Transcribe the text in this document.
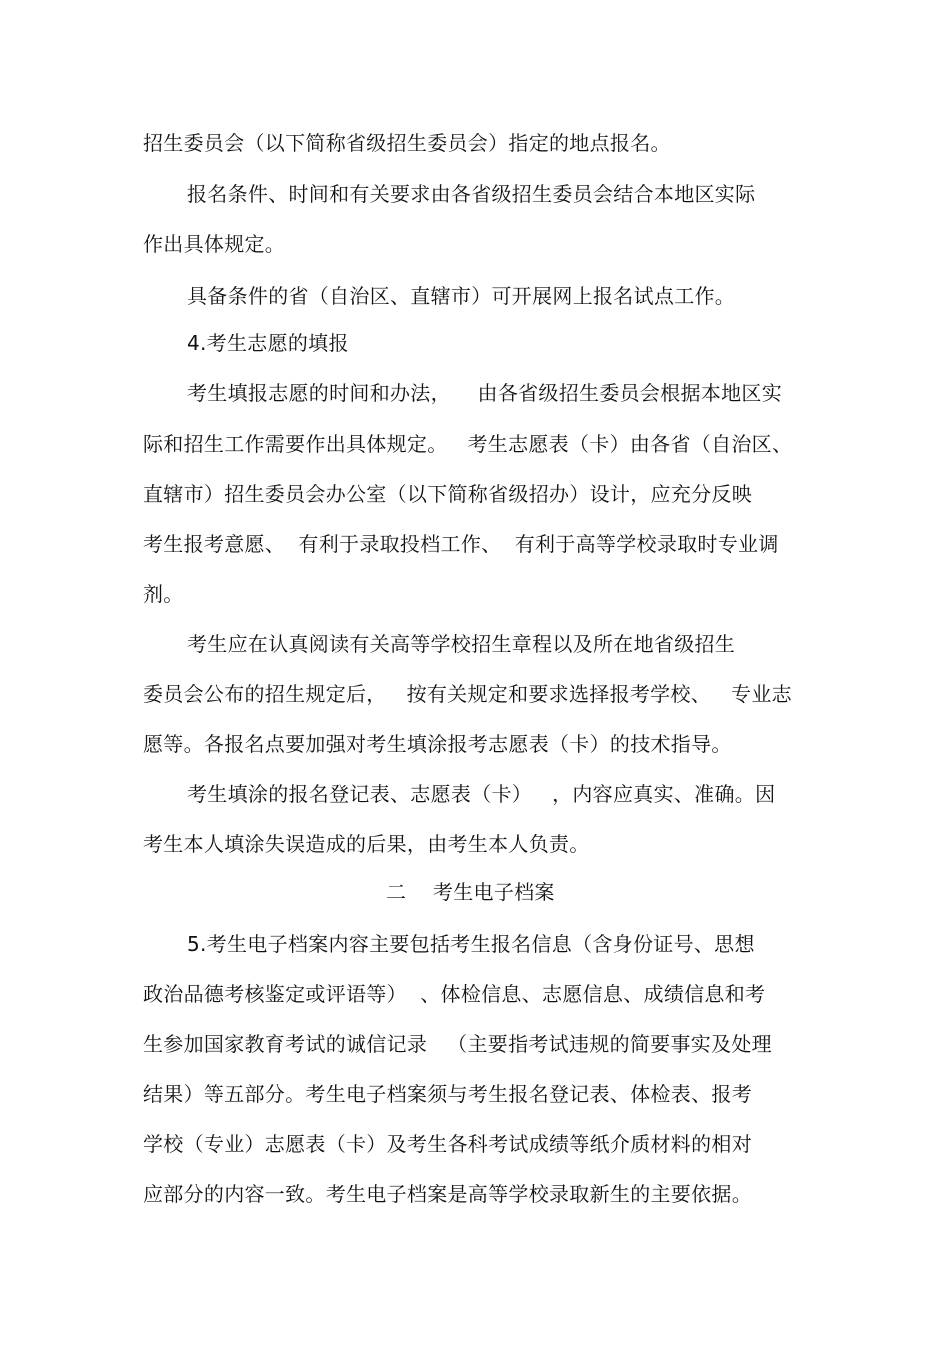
招生委员会（以下简称省级招生委员会）指定的地点报名。
报名条件、时间和有关要求由各省级招生委员会结合本地区实际
作出具体规定。
具备条件的省（自治区、直辖市）可开展网上报名试点工作。
4.考生志愿的填报
考生填报志愿的时间和办法，    由各省级招生委员会根据本地区实
际和招生工作需要作出具体规定。   考生志愿表（卡）由各省（自治区、
直辖市）招生委员会办公室（以下简称省级招办）设计，应充分反映
考生报考意愿、  有利于录取投档工作、  有利于高等学校录取时专业调
剂。
考生应在认真阅读有关高等学校招生章程以及所在地省级招生
委员会公布的招生规定后，   按有关规定和要求选择报考学校、   专业志
愿等。各报名点要加强对考生填涂报考志愿表（卡）的技术指导。
考生填涂的报名登记表、志愿表（卡）   ，内容应真实、准确。因
考生本人填涂失误造成的后果，由考生本人负责。
二    考生电子档案
5.考生电子档案内容主要包括考生报名信息（含身份证号、思想
政治品德考核鉴定或评语等）  、体检信息、志愿信息、成绩信息和考
生参加国家教育考试的诚信记录   （主要指考试违规的简要事实及处理
结果）等五部分。考生电子档案须与考生报名登记表、体检表、报考
学校（专业）志愿表（卡）及考生各科考试成绩等纸介质材料的相对
应部分的内容一致。考生电子档案是高等学校录取新生的主要依据。
